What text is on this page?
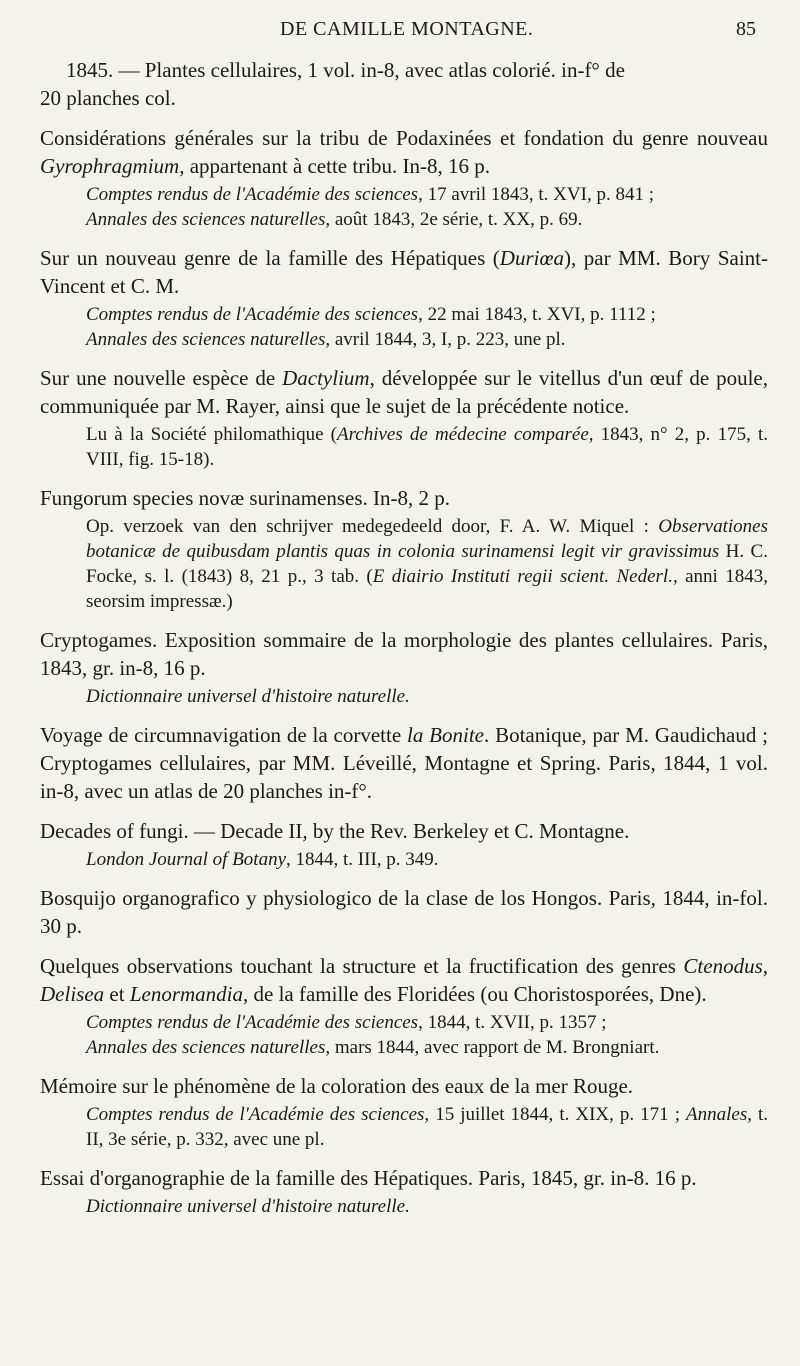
DE CAMILLE MONTAGNE.	85
1845. — Plantes cellulaires, 1 vol. in-8, avec atlas colorié. in-f° de
20 planches col.
Considérations générales sur la tribu de Podaxinées et fondation du genre nouveau Gyrophragmium, appartenant à cette tribu. In-8, 16 p.
Comptes rendus de l'Académie des sciences, 17 avril 1843, t. XVI, p. 841 ;
Annales des sciences naturelles, août 1843, 2e série, t. XX, p. 69.
Sur un nouveau genre de la famille des Hépatiques (Duriœa), par MM. Bory Saint-Vincent et C. M.
Comptes rendus de l'Académie des sciences, 22 mai 1843, t. XVI, p. 1112 ;
Annales des sciences naturelles, avril 1844, 3, I, p. 223, une pl.
Sur une nouvelle espèce de Dactylium, développée sur le vitellus d'un œuf de poule, communiquée par M. Rayer, ainsi que le sujet de la précédente notice.
Lu à la Société philomathique (Archives de médecine comparée, 1843, n° 2, p. 175, t. VIII, fig. 15-18).
Fungorum species novæ surinamenses. In-8, 2 p.
Op. verzoek van den schrijver medegedeeld door, F. A. W. Miquel : Observationes botanicæ de quibusdam plantis quas in colonia surinamensi legit vir gravissimus H. C. Focke, s. l. (1843) 8, 21 p., 3 tab. (E diairio Instituti regii scient. Nederl., anni 1843, seorsim impressæ.)
Cryptogames. Exposition sommaire de la morphologie des plantes cellulaires. Paris, 1843, gr. in-8, 16 p.
Dictionnaire universel d'histoire naturelle.
Voyage de circumnavigation de la corvette la Bonite. Botanique, par M. Gaudichaud ; Cryptogames cellulaires, par MM. Léveillé, Montagne et Spring. Paris, 1844, 1 vol. in-8, avec un atlas de 20 planches in-f°.
Decades of fungi. — Decade II, by the Rev. Berkeley et C. Montagne.
London Journal of Botany, 1844, t. III, p. 349.
Bosquijo organografico y physiologico de la clase de los Hongos. Paris, 1844, in-fol. 30 p.
Quelques observations touchant la structure et la fructification des genres Ctenodus, Delisea et Lenormandia, de la famille des Floridées (ou Choristosporées, Dne).
Comptes rendus de l'Académie des sciences, 1844, t. XVII, p. 1357 ;
Annales des sciences naturelles, mars 1844, avec rapport de M. Brongniart.
Mémoire sur le phénomène de la coloration des eaux de la mer Rouge.
Comptes rendus de l'Académie des sciences, 15 juillet 1844, t. XIX, p. 171 ; Annales, t. II, 3e série, p. 332, avec une pl.
Essai d'organographie de la famille des Hépatiques. Paris, 1845, gr. in-8. 16 p.
Dictionnaire universel d'histoire naturelle.
